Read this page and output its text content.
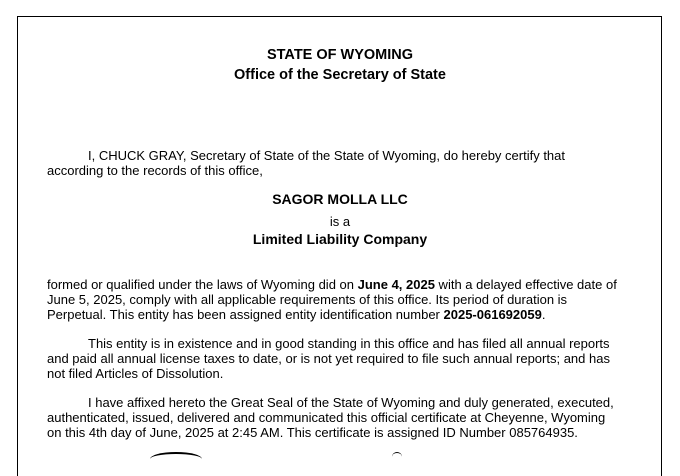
STATE OF WYOMING
Office of the Secretary of State

I, CHUCK GRAY, Secretary of State of the State of Wyoming, do hereby certify that
according to the records of this office,

SAGOR MOLLA LLC
is a
Limited Liability Company

formed or qualified under the laws of Wyoming did on June 4, 2025 with a delayed effective date of
June 5, 2025, comply with all applicable requirements of this office. Its period of duration is
Perpetual. This entity has been assigned entity identification number 2025-061692059.

This entity is in existence and in good standing in this office and has filed all annual reports
and paid all annual license taxes to date, or is not yet required to file such annual reports; and has
not filed Articles of Dissolution.

I have affixed hereto the Great Seal of the State of Wyoming and duly generated, executed,
authenticated, issued, delivered and communicated this official certificate at Cheyenne, Wyoming
on this 4th day of June, 2025 at 2:45 AM. This certificate is assigned ID Number 085764935.
